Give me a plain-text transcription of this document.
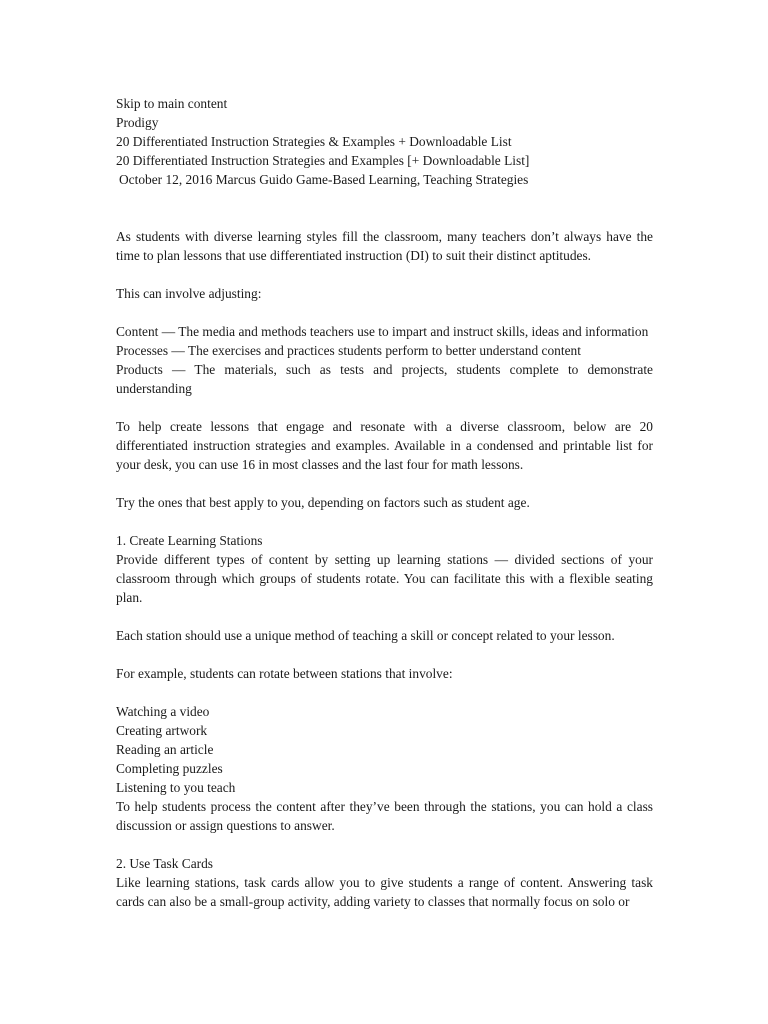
Skip to main content
Prodigy
20 Differentiated Instruction Strategies & Examples + Downloadable List
20 Differentiated Instruction Strategies and Examples [+ Downloadable List]
October 12, 2016 Marcus Guido Game-Based Learning, Teaching Strategies

As students with diverse learning styles fill the classroom, many teachers don’t always have the time to plan lessons that use differentiated instruction (DI) to suit their distinct aptitudes.

This can involve adjusting:

Content — The media and methods teachers use to impart and instruct skills, ideas and information

Processes — The exercises and practices students perform to better understand content

Products — The materials, such as tests and projects, students complete to demonstrate understanding

To help create lessons that engage and resonate with a diverse classroom, below are 20 differentiated instruction strategies and examples. Available in a condensed and printable list for your desk, you can use 16 in most classes and the last four for math lessons.

Try the ones that best apply to you, depending on factors such as student age.

1. Create Learning Stations

Provide different types of content by setting up learning stations — divided sections of your classroom through which groups of students rotate. You can facilitate this with a flexible seating plan.

Each station should use a unique method of teaching a skill or concept related to your lesson.

For example, students can rotate between stations that involve:

Watching a video
Creating artwork
Reading an article
Completing puzzles
Listening to you teach

To help students process the content after they’ve been through the stations, you can hold a class discussion or assign questions to answer.

2. Use Task Cards

Like learning stations, task cards allow you to give students a range of content. Answering task cards can also be a small-group activity, adding variety to classes that normally focus on solo or
